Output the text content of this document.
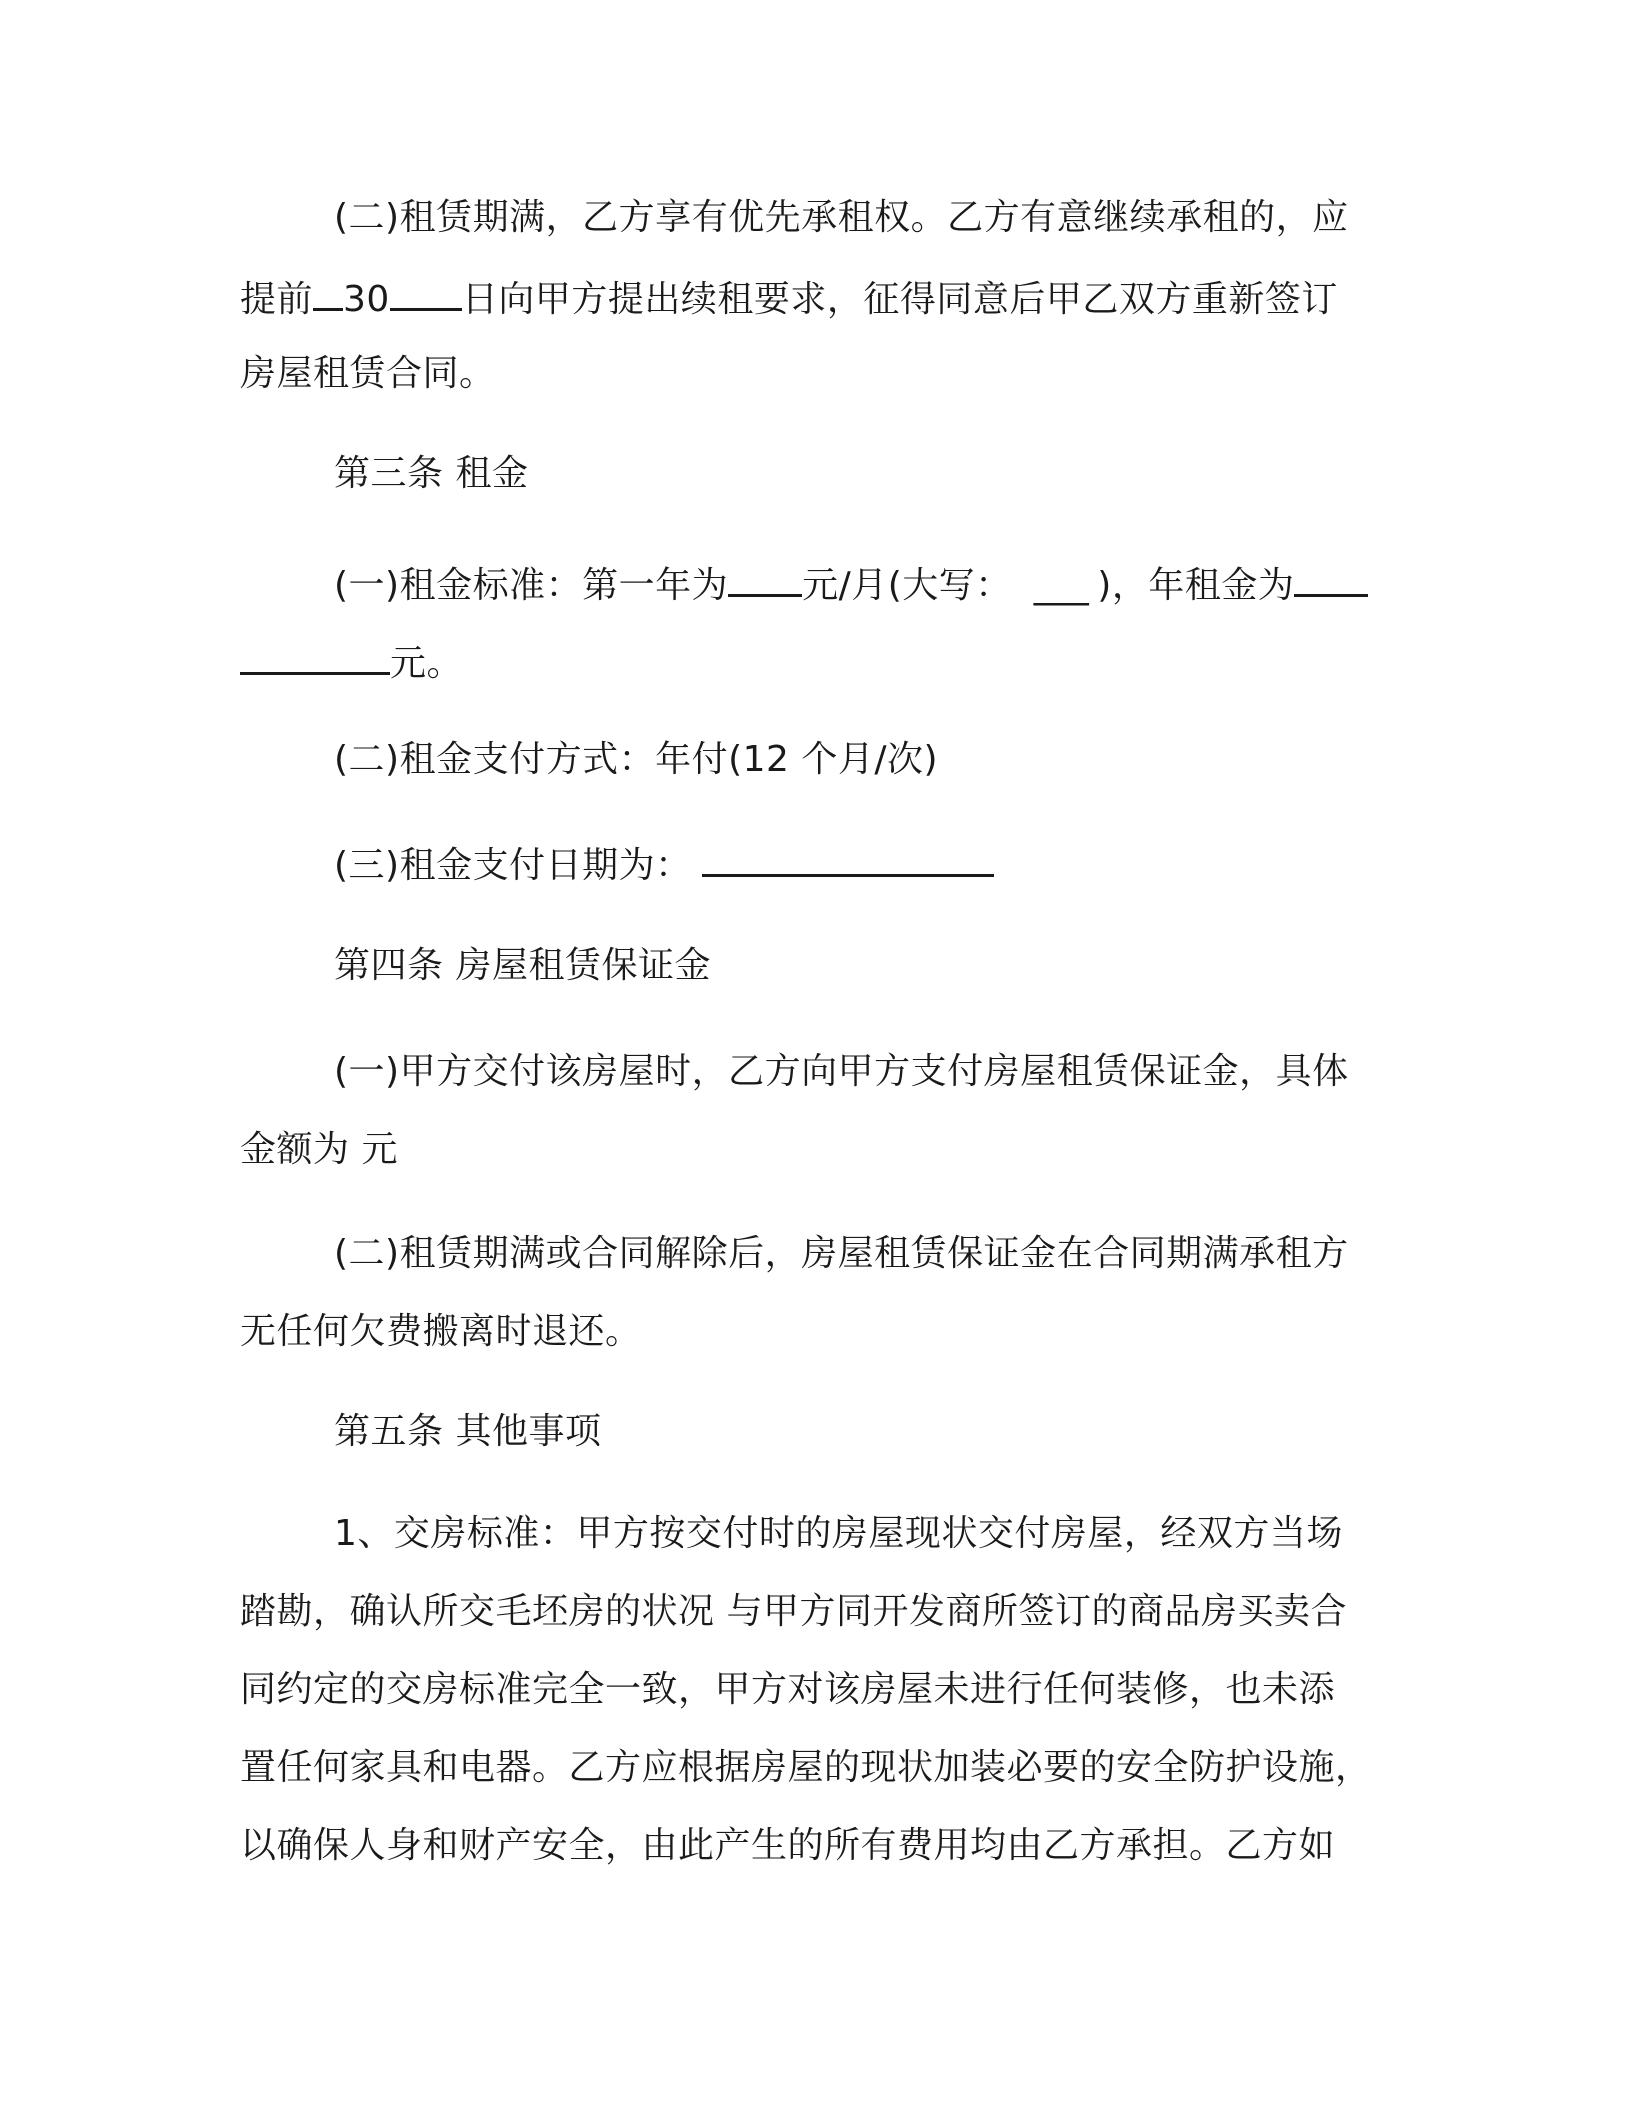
(二)租赁期满，乙方享有优先承租权。乙方有意继续承租的，应
提前 30 日向甲方提出续租要求，征得同意后甲乙双方重新签订
房屋租赁合同。
第三条 租金
(一)租金标准：第一年为 元/月(大写： ___ )，年租金为
元。
(二)租金支付方式：年付(12 个月/次)
(三)租金支付日期为：
第四条 房屋租赁保证金
(一)甲方交付该房屋时，乙方向甲方支付房屋租赁保证金，具体
金额为 元
(二)租赁期满或合同解除后，房屋租赁保证金在合同期满承租方
无任何欠费搬离时退还。
第五条 其他事项
1、交房标准：甲方按交付时的房屋现状交付房屋，经双方当场
踏勘，确认所交毛坯房的状况 与甲方同开发商所签订的商品房买卖合
同约定的交房标准完全一致，甲方对该房屋未进行任何装修，也未添
置任何家具和电器。乙方应根据房屋的现状加装必要的安全防护设施，
以确保人身和财产安全，由此产生的所有费用均由乙方承担。乙方如
